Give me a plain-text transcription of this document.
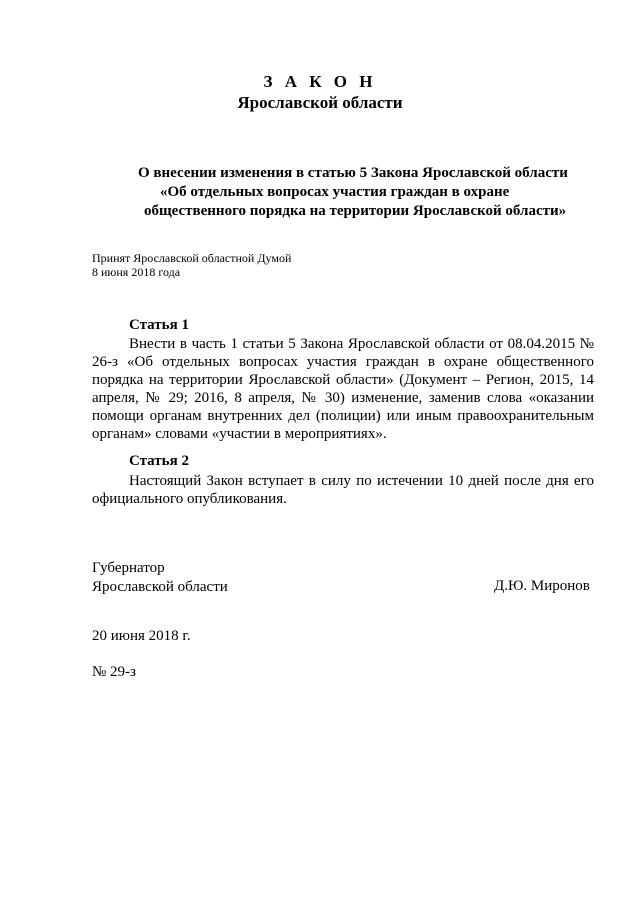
З А К О Н
Ярославской области
О внесении изменения в статью 5 Закона Ярославской области
«Об отдельных вопросах участия граждан в охране
общественного порядка на территории Ярославской области»
Принят Ярославской областной Думой
8 июня 2018 года
Статья 1
Внести в часть 1 статьи 5 Закона Ярославской области от 08.04.2015 № 26-з «Об отдельных вопросах участия граждан в охране общественного порядка на территории Ярославской области» (Документ – Регион, 2015, 14 апреля, № 29; 2016, 8 апреля, № 30) изменение, заменив слова «оказании помощи органам внутренних дел (полиции) или иным правоохранительным органам» словами «участии в мероприятиях».
Статья 2
Настоящий Закон вступает в силу по истечении 10 дней после дня его официального опубликования.
Губернатор
Ярославской области	Д.Ю. Миронов
20 июня 2018 г.
№ 29-з
